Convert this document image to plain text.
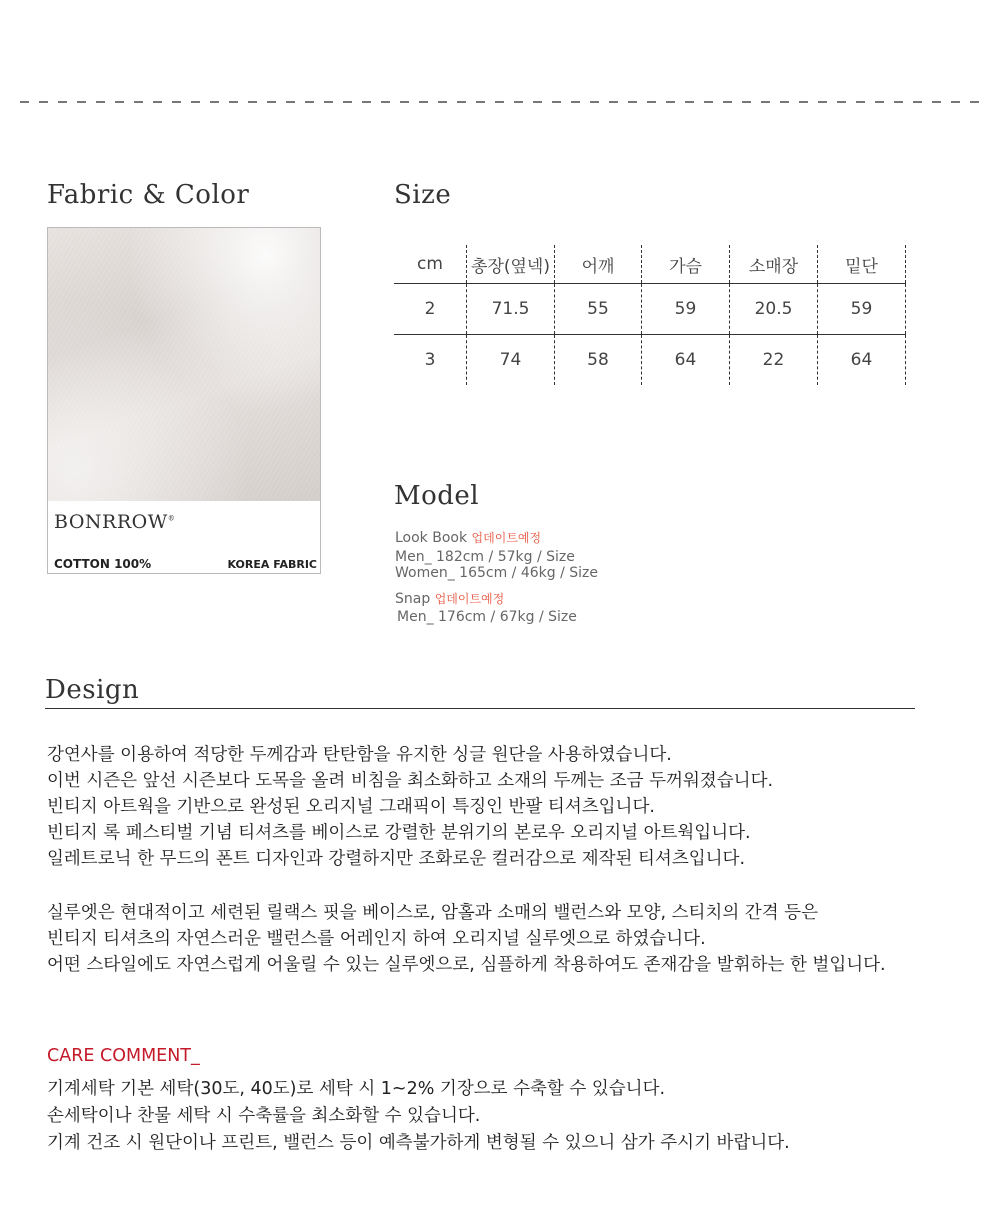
Fabric & Color
BONRROW®
COTTON 100%	KOREA FABRIC
Size
cm	총장(옆넥)	어깨	가슴	소매장	밑단
2	71.5	55	59	20.5	59
3	74	58	64	22	64
Model
Look Book 업데이트예정
Men_ 182cm / 57kg / Size
Women_ 165cm / 46kg / Size
Snap 업데이트예정
Men_ 176cm / 67kg / Size
Design
강연사를 이용하여 적당한 두께감과 탄탄함을 유지한 싱글 원단을 사용하였습니다.
이번 시즌은 앞선 시즌보다 도목을 올려 비침을 최소화하고 소재의 두께는 조금 두꺼워졌습니다.
빈티지 아트웍을 기반으로 완성된 오리지널 그래픽이 특징인 반팔 티셔츠입니다.
빈티지 록 페스티벌 기념 티셔츠를 베이스로 강렬한 분위기의 본로우 오리지널 아트웍입니다.
일레트로닉 한 무드의 폰트 디자인과 강렬하지만 조화로운 컬러감으로 제작된 티셔츠입니다.
실루엣은 현대적이고 세련된 릴랙스 핏을 베이스로, 암홀과 소매의 밸런스와 모양, 스티치의 간격 등은
빈티지 티셔츠의 자연스러운 밸런스를 어레인지 하여 오리지널 실루엣으로 하였습니다.
어떤 스타일에도 자연스럽게 어울릴 수 있는 실루엣으로, 심플하게 착용하여도 존재감을 발휘하는 한 벌입니다.
CARE COMMENT_
기계세탁 기본 세탁(30도, 40도)로 세탁 시 1~2% 기장으로 수축할 수 있습니다.
손세탁이나 찬물 세탁 시 수축률을 최소화할 수 있습니다.
기계 건조 시 원단이나 프린트, 밸런스 등이 예측불가하게 변형될 수 있으니 삼가 주시기 바랍니다.
